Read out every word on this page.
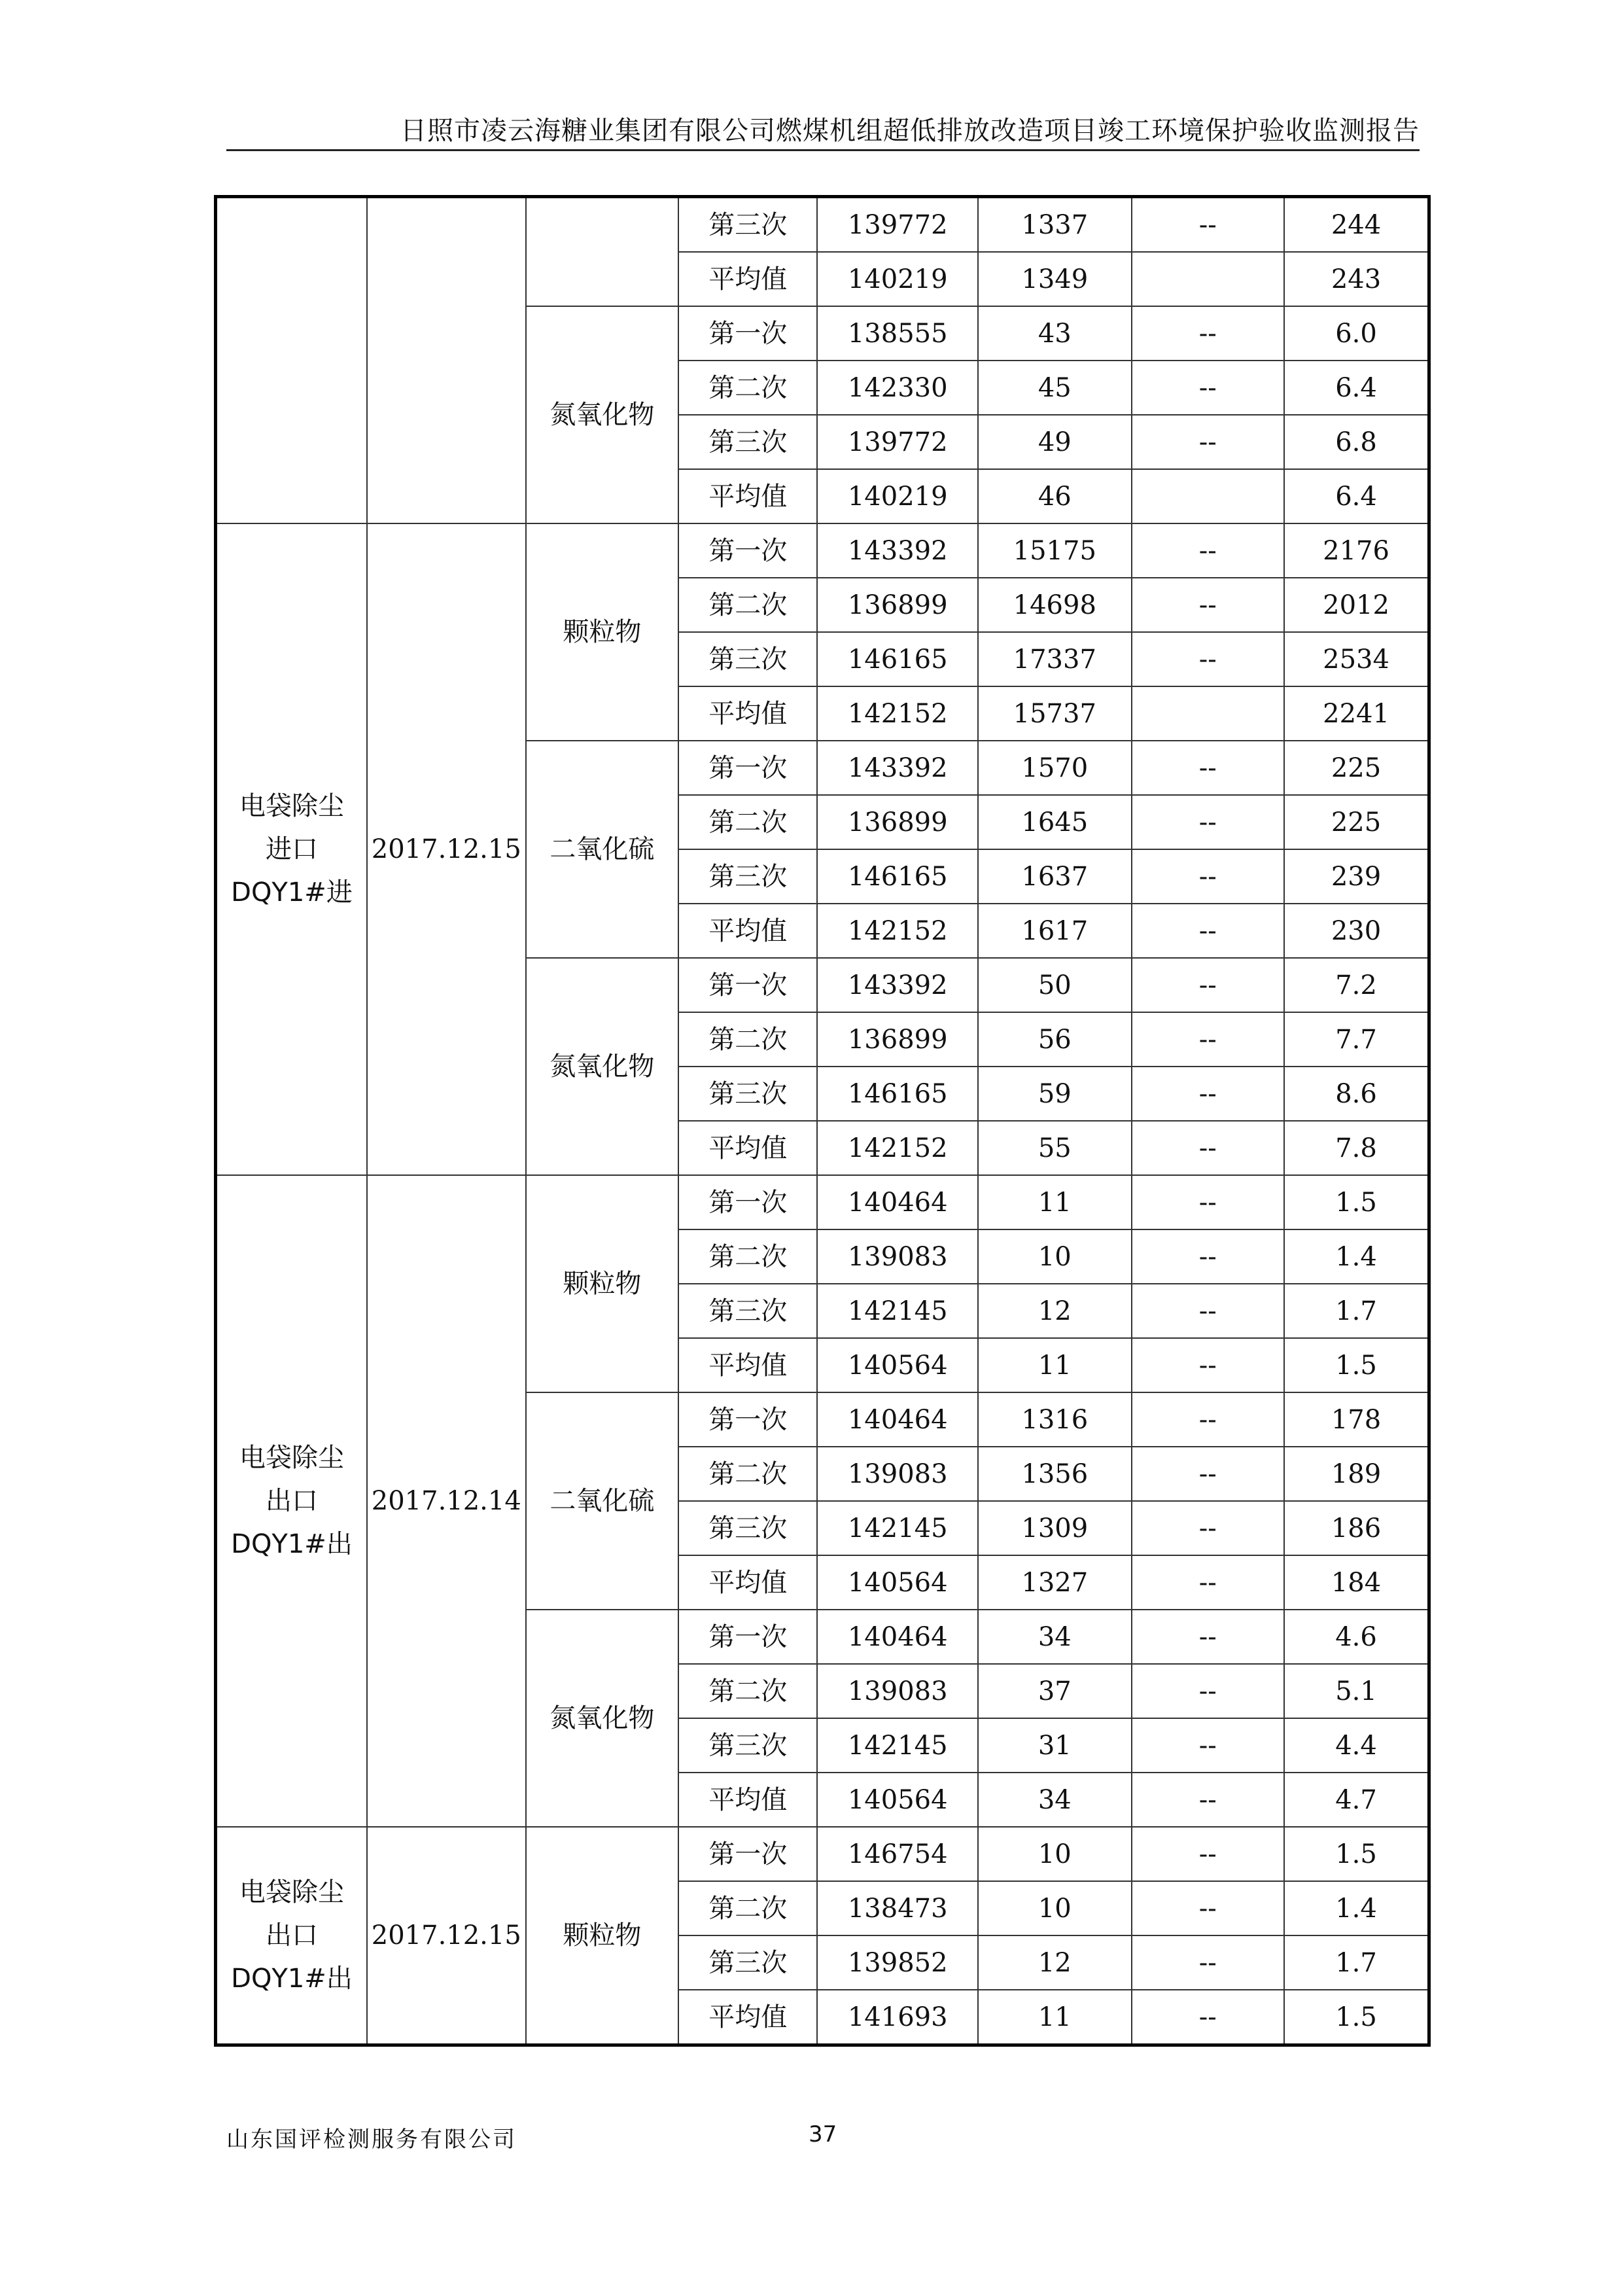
日照市凌云海糖业集团有限公司燃煤机组超低排放改造项目竣工环境保护验收监测报告
			第三次	139772	1337	--	244
			平均值	140219	1349		243
		氮氧化物	第一次	138555	43	--	6.0
			第二次	142330	45	--	6.4
			第三次	139772	49	--	6.8
			平均值	140219	46		6.4

电袋除尘
进口
DQY1#进	2017.12.15	颗粒物	第一次	143392	15175	--	2176
			第二次	136899	14698	--	2012
			第三次	146165	17337	--	2534
			平均值	142152	15737		2241
		二氧化硫	第一次	143392	1570	--	225
			第二次	136899	1645	--	225
			第三次	146165	1637	--	239
			平均值	142152	1617	--	230
		氮氧化物	第一次	143392	50	--	7.2
			第二次	136899	56	--	7.7
			第三次	146165	59	--	8.6
			平均值	142152	55	--	7.8

电袋除尘
出口
DQY1#出	2017.12.14	颗粒物	第一次	140464	11	--	1.5
			第二次	139083	10	--	1.4
			第三次	142145	12	--	1.7
			平均值	140564	11	--	1.5
		二氧化硫	第一次	140464	1316	--	178
			第二次	139083	1356	--	189
			第三次	142145	1309	--	186
			平均值	140564	1327	--	184
		氮氧化物	第一次	140464	34	--	4.6
			第二次	139083	37	--	5.1
			第三次	142145	31	--	4.4
			平均值	140564	34	--	4.7

电袋除尘
出口
DQY1#出	2017.12.15	颗粒物	第一次	146754	10	--	1.5
			第二次	138473	10	--	1.4
			第三次	139852	12	--	1.7
			平均值	141693	11	--	1.5
山东国评检测服务有限公司	37
